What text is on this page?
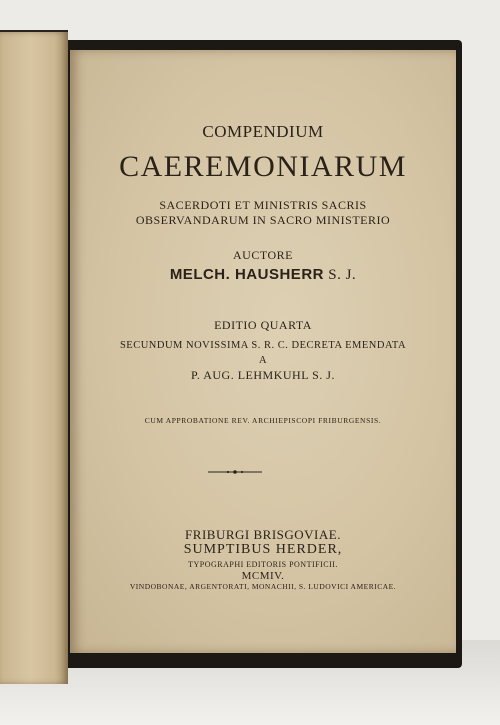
COMPENDIUM
CAEREMONIARUM
SACERDOTI ET MINISTRIS SACRIS
OBSERVANDARUM IN SACRO MINISTERIO
AUCTORE
MELCH. HAUSHERR S. J.
EDITIO QUARTA
SECUNDUM NOVISSIMA S. R. C. DECRETA EMENDATA
A
P. AUG. LEHMKUHL S. J.
CUM APPROBATIONE REV. ARCHIEPISCOPI FRIBURGENSIS.
FRIBURGI BRISGOVIAE.
SUMPTIBUS HERDER,
TYPOGRAPHI EDITORIS PONTIFICII.
MCMIV.
VINDOBONAE, ARGENTORATI, MONACHII, S. LUDOVICI AMERICAE.
